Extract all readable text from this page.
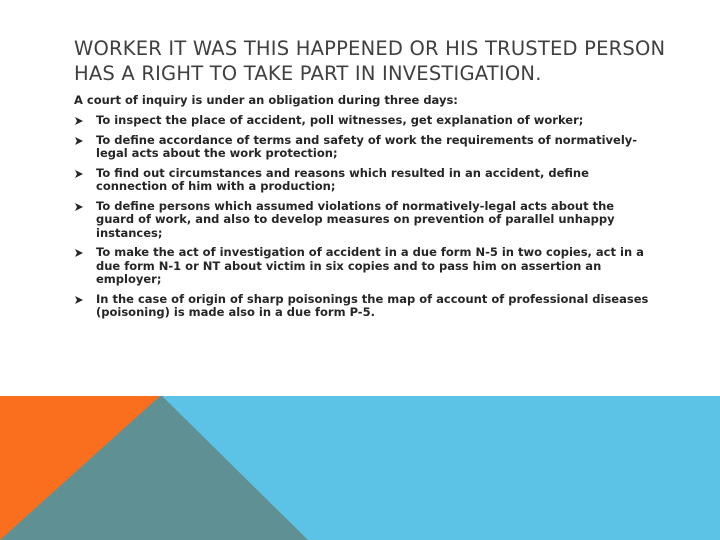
WORKER IT WAS THIS HAPPENED OR HIS TRUSTED PERSON HAS A RIGHT TO TAKE PART IN INVESTIGATION.

A court of inquiry is under an obligation during three days:

To inspect the place of accident, poll witnesses, get explanation of worker;
To define accordance of terms and safety of work the requirements of normatively-legal acts about the work protection;
To find out circumstances and reasons which resulted in an accident, define connection of him with a production;
To define persons which assumed violations of normatively-legal acts about the guard of work, and also to develop measures on prevention of parallel unhappy instances;
To make the act of investigation of accident in a due form N-5 in two copies, act in a due form N-1 or NT about victim in six copies and to pass him on assertion an employer;
In the case of origin of sharp poisonings the map of account of professional diseases (poisoning) is made also in a due form P-5.
